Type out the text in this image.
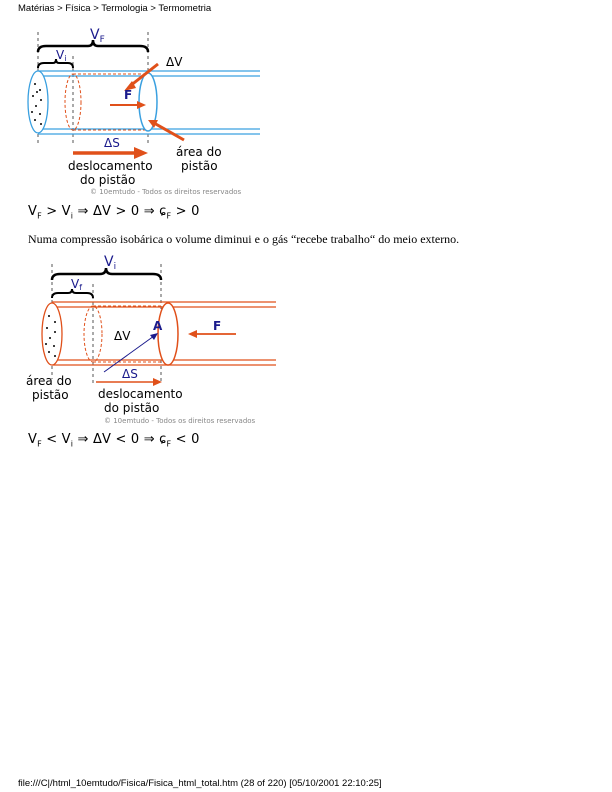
Matérias > Física > Termologia > Termometria
$V_F$
Vi	ΔV
F
área do
pistão
ΔS
deslocamento
do pistão
© 10emtudo - Todos os direitos reservados
$V_F > V_i$ ⇒ ΔV > 0 ⇒ ɕ$_F$ > 0
Numa compressão isobárica o volume diminui e o gás “recebe trabalho“ do meio externo.
$V_i$
Vf
ΔV
A	F
área do
pistão
ΔS
deslocamento
do pistão
© 10emtudo - Todos os direitos reservados
$V_F < V_i$ ⇒ ΔV < 0 ⇒ ɕ$_F$ < 0
file:///C|/html_10emtudo/Fisica/Fisica_html_total.htm (28 of 220) [05/10/2001 22:10:25]
